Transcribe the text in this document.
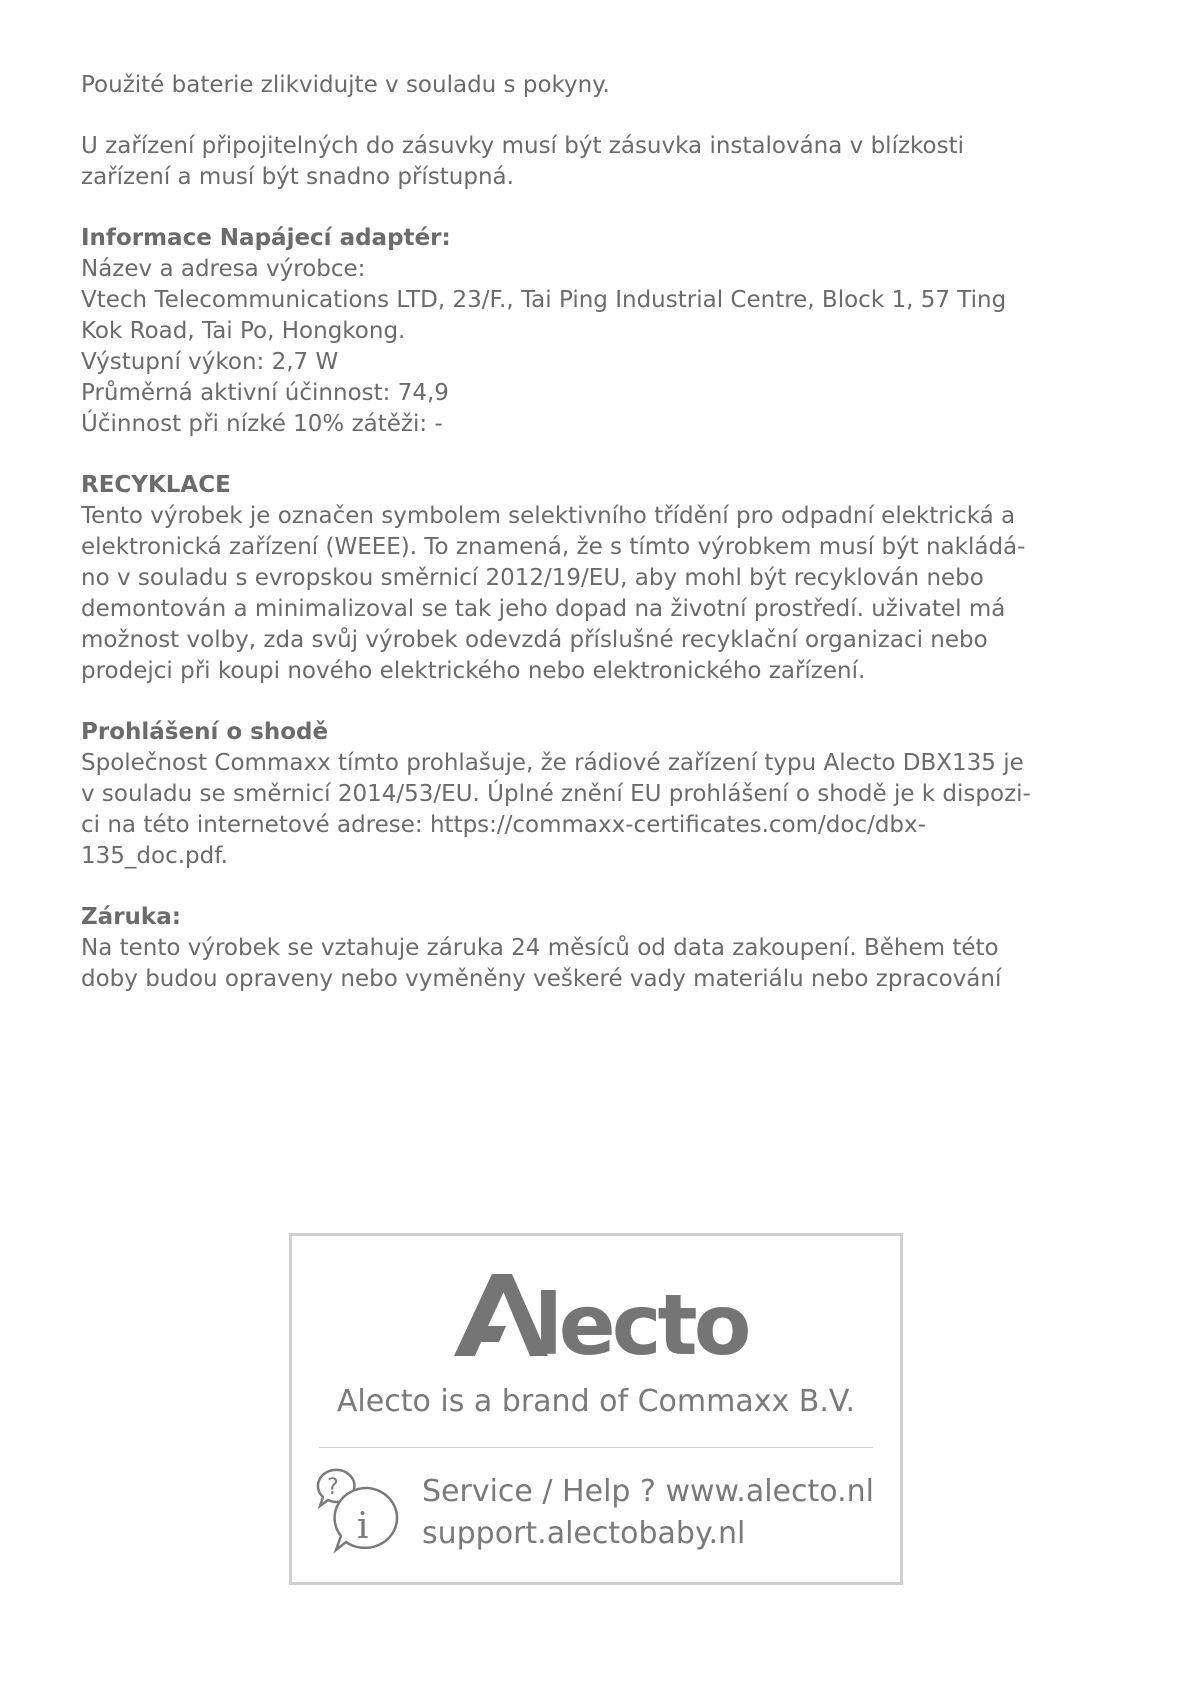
Použité baterie zlikvidujte v souladu s pokyny.
U zařízení připojitelných do zásuvky musí být zásuvka instalována v blízkosti
zařízení a musí být snadno přístupná.
Informace Napájecí adaptér:
Název a adresa výrobce:
Vtech Telecommunications LTD, 23/F., Tai Ping Industrial Centre, Block 1, 57 Ting
Kok Road, Tai Po, Hongkong.
Výstupní výkon: 2,7 W
Průměrná aktivní účinnost: 74,9
Účinnost při nízké 10% zátěži: -
RECYKLACE
Tento výrobek je označen symbolem selektivního třídění pro odpadní elektrická a
elektronická zařízení (WEEE). To znamená, že s tímto výrobkem musí být nakládá-
no v souladu s evropskou směrnicí 2012/19/EU, aby mohl být recyklován nebo
demontován a minimalizoval se tak jeho dopad na životní prostředí. uživatel má
možnost volby, zda svůj výrobek odevzdá příslušné recyklační organizaci nebo
prodejci při koupi nového elektrického nebo elektronického zařízení.
Prohlášení o shodě
Společnost Commaxx tímto prohlašuje, že rádiové zařízení typu Alecto DBX135 je
v souladu se směrnicí 2014/53/EU. Úplné znění EU prohlášení o shodě je k dispozi-
ci na této internetové adrese: https://commaxx-certificates.com/doc/dbx-
135_doc.pdf.
Záruka:
Na tento výrobek se vztahuje záruka 24 měsíců od data zakoupení. Během této
doby budou opraveny nebo vyměněny veškeré vady materiálu nebo zpracování
lecto
Alecto is a brand of Commaxx B.V.
?
i
Service / Help ? www.alecto.nl
support.alectobaby.nl
